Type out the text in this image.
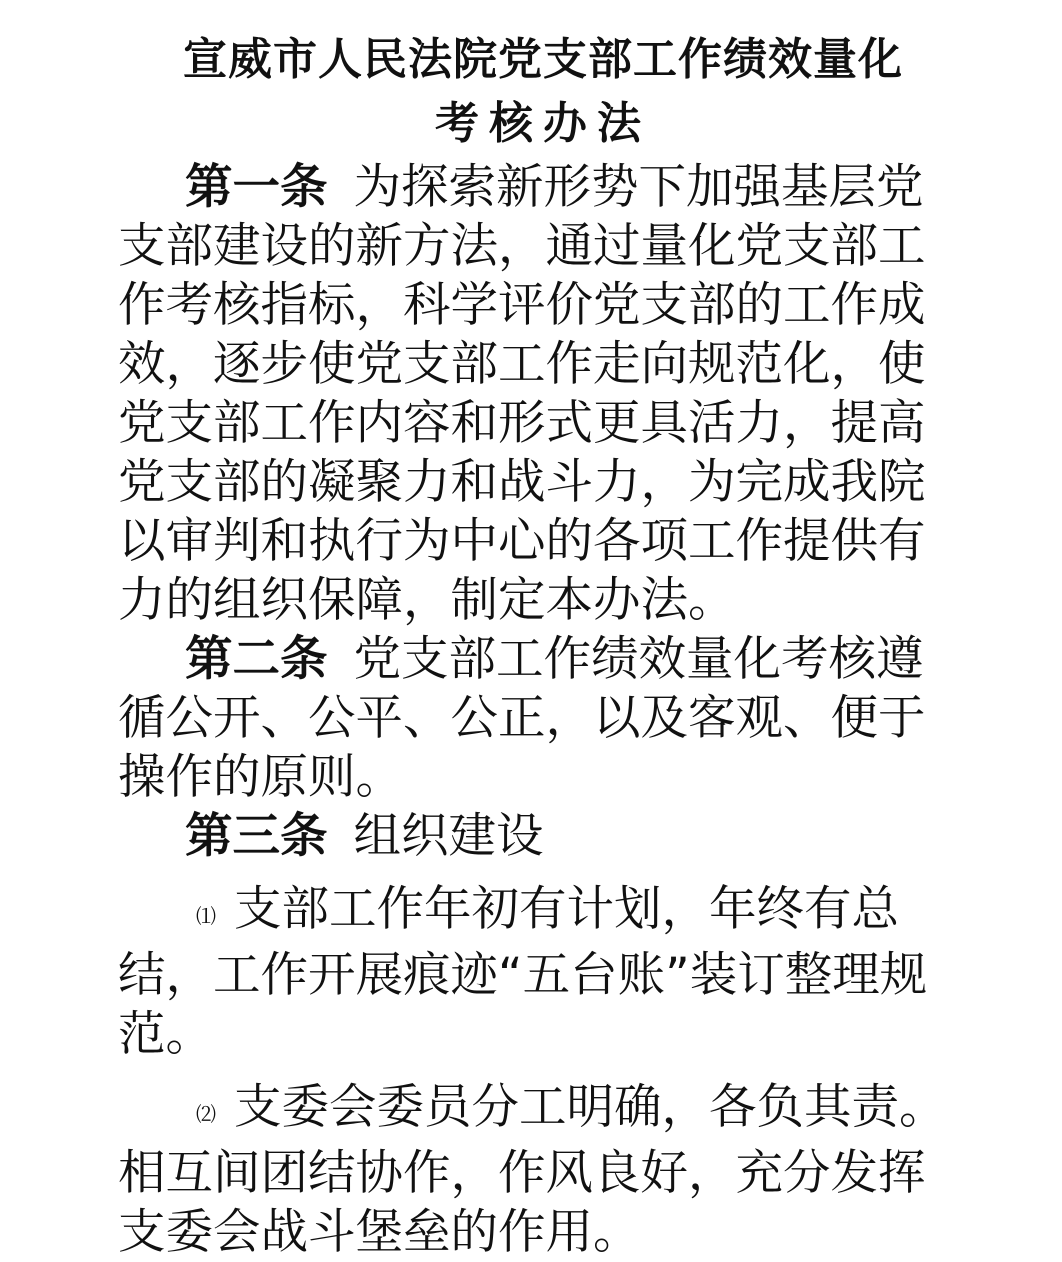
宣威市人民法院党支部工作绩效量化

考核办法

第一条 为探索新形势下加强基层党支部建设的新方法，通过量化党支部工作考核指标，科学评价党支部的工作成效，逐步使党支部工作走向规范化，使党支部工作内容和形式更具活力，提高党支部的凝聚力和战斗力，为完成我院以审判和执行为中心的各项工作提供有力的组织保障，制定本办法。

第二条 党支部工作绩效量化考核遵循公开、公平、公正，以及客观、便于操作的原则。

第三条 组织建设

⑴ 支部工作年初有计划，年终有总结，工作开展痕迹“五台账”装订整理规范。

⑵ 支委会委员分工明确，各负其责。相互间团结协作，作风良好，充分发挥支委会战斗堡垒的作用。
